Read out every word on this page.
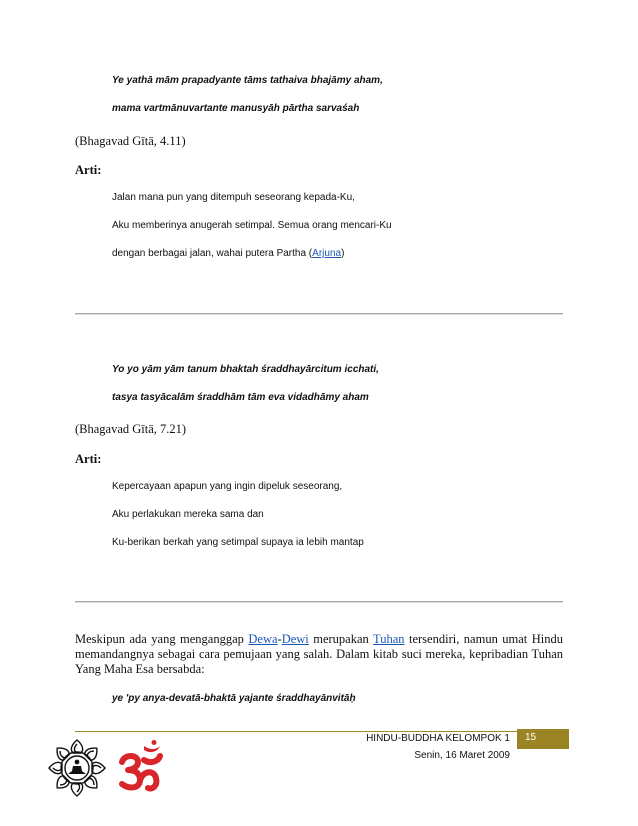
Ye yathā mām prapadyante tāms tathaiva bhajāmy aham,
mama vartmānuvartante manusyāh pārtha sarvaśah
(Bhagavad Gītā, 4.11)
Arti:
Jalan mana pun yang ditempuh seseorang kepada-Ku,
Aku memberinya anugerah setimpal. Semua orang mencari-Ku
dengan berbagai jalan, wahai putera Partha (Arjuna)
Yo yo yām yām tanum bhaktah śraddhayārcitum icchati,
tasya tasyācalām śraddhām tām eva vidadhāmy aham
(Bhagavad Gītā, 7.21)
Arti:
Kepercayaan apapun yang ingin dipeluk seseorang,
Aku perlakukan mereka sama dan
Ku-berikan berkah yang setimpal supaya ia lebih mantap
Meskipun ada yang menganggap Dewa-Dewi merupakan Tuhan tersendiri, namun umat Hindu memandangnya sebagai cara pemujaan yang salah. Dalam kitab suci mereka, kepribadian Tuhan Yang Maha Esa bersabda:
ye 'py anya-devatā-bhaktā yajante śraddhayānvitāḥ
HINDU-BUDDHA KELOMPOK 1
Senin, 16 Maret 2009
15
